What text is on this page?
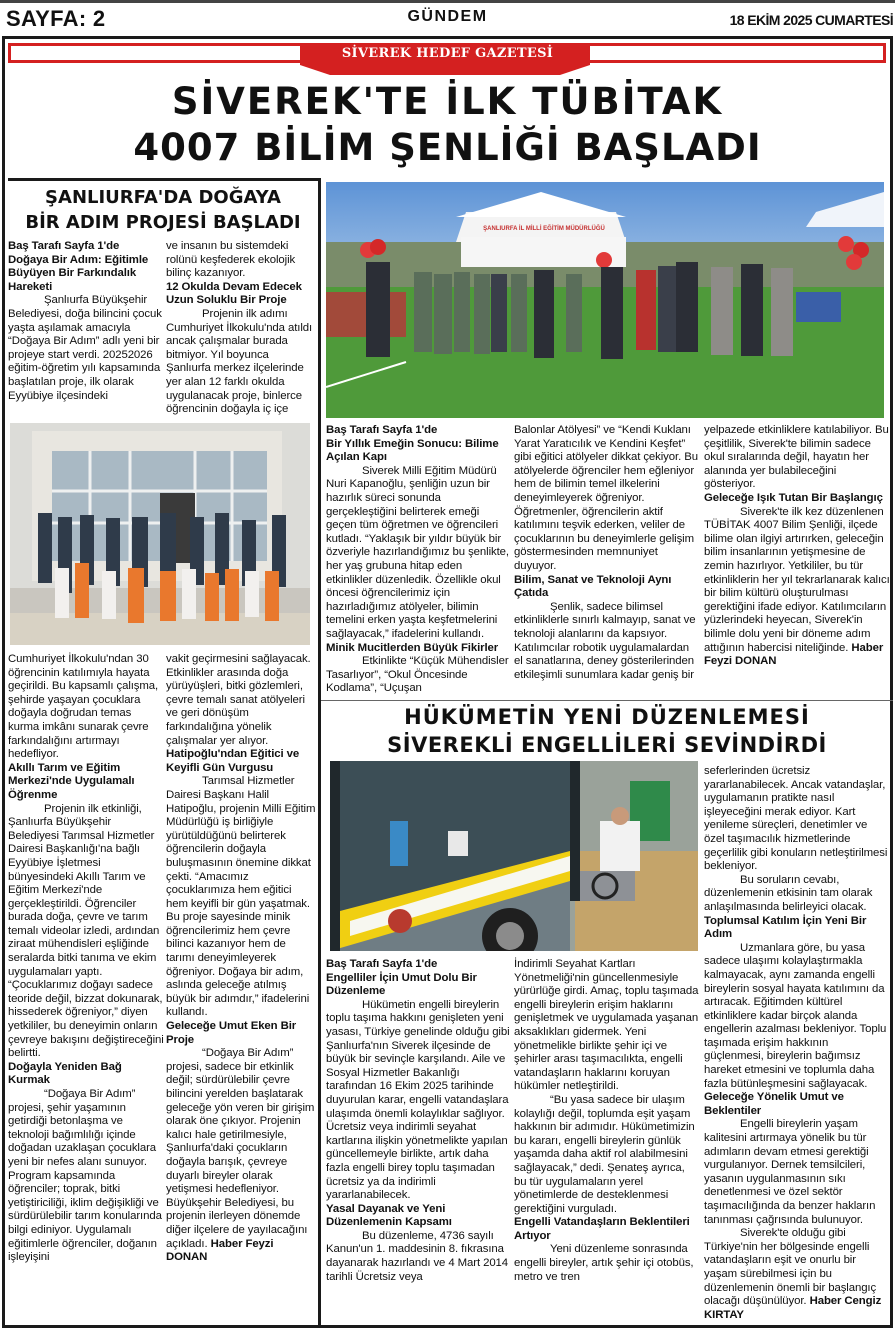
SAYFA: 2	GÜNDEM	18 EKİM 2025 CUMARTESİ
SİVEREK HEDEF GAZETESİ
SİVEREK'TE İLK TÜBİTAK
4007 BİLİM ŞENLİĞİ BAŞLADI
ŞANLIURFA'DA DOĞAYA
BİR ADIM PROJESİ BAŞLADI

Baş Tarafı Sayfa 1'de

Doğaya Bir Adım: Eğitimle Büyüyen Bir Farkındalık Hareketi

Şanlıurfa Büyükşehir Belediyesi, doğa bilincini çocuk yaşta aşılamak amacıyla “Doğaya Bir Adım” adlı yeni bir projeye start verdi. 20252026 eğitim-öğretim yılı kapsamında başlatılan proje, ilk olarak Eyyübiye ilçesindeki

ve insanın bu sistemdeki rolünü keşfederek ekolojik bilinç kazanıyor.

12 Okulda Devam Edecek Uzun Soluklu Bir Proje

Projenin ilk adımı Cumhuriyet İlkokulu'nda atıldı ancak çalışmalar burada bitmiyor. Yıl boyunca Şanlıurfa merkez ilçelerinde yer alan 12 farklı okulda uygulanacak proje, binlerce öğrencinin doğayla iç içe

Cumhuriyet İlkokulu'ndan 30 öğrencinin katılımıyla hayata geçirildi. Bu kapsamlı çalışma, şehirde yaşayan çocuklara doğayla doğrudan temas kurma imkânı sunarak çevre farkındalığını artırmayı hedefliyor.

Akıllı Tarım ve Eğitim Merkezi'nde Uygulamalı Öğrenme

Projenin ilk etkinliği, Şanlıurfa Büyükşehir Belediyesi Tarımsal Hizmetler Dairesi Başkanlığı'na bağlı Eyyübiye İşletmesi bünyesindeki Akıllı Tarım ve Eğitim Merkezi'nde gerçekleştirildi. Öğrenciler burada doğa, çevre ve tarım temalı videolar izledi, ardından ziraat mühendisleri eşliğinde seralarda bitki tanıma ve ekim uygulamaları yaptı. “Çocuklarımız doğayı sadece teoride değil, bizzat dokunarak, hissederek öğreniyor,” diyen yetkililer, bu deneyimin onların çevreye bakışını değiştireceğini belirtti.

Doğayla Yeniden Bağ Kurmak

“Doğaya Bir Adım” projesi, şehir yaşamının getirdiği betonlaşma ve teknoloji bağımlılığı içinde doğadan uzaklaşan çocuklara yeni bir nefes alanı sunuyor. Program kapsamında öğrenciler; toprak, bitki yetiştiriciliği, iklim değişikliği ve sürdürülebilir tarım konularında bilgi ediniyor. Uygulamalı eğitimlerle öğrenciler, doğanın işleyişini

vakit geçirmesini sağlayacak. Etkinlikler arasında doğa yürüyüşleri, bitki gözlemleri, çevre temalı sanat atölyeleri ve geri dönüşüm farkındalığına yönelik çalışmalar yer alıyor.

Hatipoğlu'ndan Eğitici ve Keyifli Gün Vurgusu

Tarımsal Hizmetler Dairesi Başkanı Halil Hatipoğlu, projenin Milli Eğitim Müdürlüğü iş birliğiyle yürütüldüğünü belirterek öğrencilerin doğayla buluşmasının önemine dikkat çekti. “Amacımız çocuklarımıza hem eğitici hem keyifli bir gün yaşatmak. Bu proje sayesinde minik öğrencilerimiz hem çevre bilinci kazanıyor hem de tarımı deneyimleyerek öğreniyor. Doğaya bir adım, aslında geleceğe atılmış büyük bir adımdır,” ifadelerini kullandı.

Geleceğe Umut Eken Bir Proje

“Doğaya Bir Adım” projesi, sadece bir etkinlik değil; sürdürülebilir çevre bilincini yerelden başlatarak geleceğe yön veren bir girişim olarak öne çıkıyor. Projenin kalıcı hale getirilmesiyle, Şanlıurfa'daki çocukların doğayla barışık, çevreye duyarlı bireyler olarak yetişmesi hedefleniyor. Büyükşehir Belediyesi, bu projenin ilerleyen dönemde diğer ilçelere de yayılacağını açıkladı. Haber Feyzi DONAN

ŞANLIURFA İL MİLLİ EĞİTİM MÜDÜRLÜĞÜ

Baş Tarafı Sayfa 1'de

Bir Yıllık Emeğin Sonucu: Bilime Açılan Kapı

Siverek Milli Eğitim Müdürü Nuri Kapanoğlu, şenliğin uzun bir hazırlık süreci sonunda gerçekleştiğini belirterek emeği geçen tüm öğretmen ve öğrencileri kutladı. “Yaklaşık bir yıldır büyük bir özveriyle hazırlandığımız bu şenlikte, her yaş grubuna hitap eden etkinlikler düzenledik. Özellikle okul öncesi öğrencilerimiz için hazırladığımız atölyeler, bilimin temelini erken yaşta keşfetmelerini sağlayacak,” ifadelerini kullandı.

Minik Mucitlerden Büyük Fikirler

Etkinlikte “Küçük Mühendisler Tasarlıyor”, “Okul Öncesinde Kodlama”, “Uçuşan

Balonlar Atölyesi” ve “Kendi Kuklanı Yarat Yaratıcılık ve Kendini Keşfet” gibi eğitici atölyeler dikkat çekiyor. Bu atölyelerde öğrenciler hem eğleniyor hem de bilimin temel ilkelerini deneyimleyerek öğreniyor. Öğretmenler, öğrencilerin aktif katılımını teşvik ederken, veliler de çocuklarının bu deneyimlerle gelişim göstermesinden memnuniyet duyuyor.

Bilim, Sanat ve Teknoloji Aynı Çatıda

Şenlik, sadece bilimsel etkinliklerle sınırlı kalmayıp, sanat ve teknoloji alanlarını da kapsıyor. Katılımcılar robotik uygulamalardan el sanatlarına, deney gösterilerinden etkileşimli sunumlara kadar geniş bir

yelpazede etkinliklere katılabiliyor. Bu çeşitlilik, Siverek'te bilimin sadece okul sıralarında değil, hayatın her alanında yer bulabileceğini gösteriyor.

Geleceğe Işık Tutan Bir Başlangıç

Siverek'te ilk kez düzenlenen TÜBİTAK 4007 Bilim Şenliği, ilçede bilime olan ilgiyi artırırken, geleceğin bilim insanlarının yetişmesine de zemin hazırlıyor. Yetkililer, bu tür etkinliklerin her yıl tekrarlanarak kalıcı bir bilim kültürü oluşturulması gerektiğini ifade ediyor. Katılımcıların yüzlerindeki heyecan, Siverek'in bilimle dolu yeni bir döneme adım attığının habercisi niteliğinde. Haber Feyzi DONAN

HÜKÜMETİN YENİ DÜZENLEMESİ
SİVEREKLİ ENGELLİLERİ SEVİNDİRDİ

Baş Tarafı Sayfa 1'de

Engelliler İçin Umut Dolu Bir Düzenleme

Hükümetin engelli bireylerin toplu taşıma hakkını genişleten yeni yasası, Türkiye genelinde olduğu gibi Şanlıurfa'nın Siverek ilçesinde de büyük bir sevinçle karşılandı. Aile ve Sosyal Hizmetler Bakanlığı tarafından 16 Ekim 2025 tarihinde duyurulan karar, engelli vatandaşlara ulaşımda önemli kolaylıklar sağlıyor. Ücretsiz veya indirimli seyahat kartlarına ilişkin yönetmelikte yapılan güncellemeyle birlikte, artık daha fazla engelli birey toplu taşımadan ücretsiz ya da indirimli yararlanabilecek.

Yasal Dayanak ve Yeni Düzenlemenin Kapsamı

Bu düzenleme, 4736 sayılı Kanun'un 1. maddesinin 8. fıkrasına dayanarak hazırlandı ve 4 Mart 2014 tarihli Ücretsiz veya

İndirimli Seyahat Kartları Yönetmeliği'nin güncellenmesiyle yürürlüğe girdi. Amaç, toplu taşımada engelli bireylerin erişim haklarını genişletmek ve uygulamada yaşanan aksaklıkları gidermek. Yeni yönetmelikle birlikte şehir içi ve şehirler arası taşımacılıkta, engelli vatandaşların haklarını koruyan hükümler netleştirildi.

“Bu yasa sadece bir ulaşım kolaylığı değil, toplumda eşit yaşam hakkının bir adımıdır. Hükümetimizin bu kararı, engelli bireylerin günlük yaşamda daha aktif rol alabilmesini sağlayacak,” dedi. Şenateş ayrıca, bu tür uygulamaların yerel yönetimlerde de desteklenmesi gerektiğini vurguladı.

Engelli Vatandaşların Beklentileri Artıyor

Yeni düzenleme sonrasında engelli bireyler, artık şehir içi otobüs, metro ve tren

seferlerinden ücretsiz yararlanabilecek. Ancak vatandaşlar, uygulamanın pratikte nasıl işleyeceğini merak ediyor. Kart yenileme süreçleri, denetimler ve özel taşımacılık hizmetlerinde geçerlilik gibi konuların netleştirilmesi bekleniyor.

Bu soruların cevabı, düzenlemenin etkisinin tam olarak anlaşılmasında belirleyici olacak.

Toplumsal Katılım İçin Yeni Bir Adım

Uzmanlara göre, bu yasa sadece ulaşımı kolaylaştırmakla kalmayacak, aynı zamanda engelli bireylerin sosyal hayata katılımını da artıracak. Eğitimden kültürel etkinliklere kadar birçok alanda engellerin azalması bekleniyor. Toplu taşımada erişim hakkının güçlenmesi, bireylerin bağımsız hareket etmesini ve toplumla daha fazla bütünleşmesini sağlayacak.

Geleceğe Yönelik Umut ve Beklentiler

Engelli bireylerin yaşam kalitesini artırmaya yönelik bu tür adımların devam etmesi gerektiği vurgulanıyor. Dernek temsilcileri, yasanın uygulanmasının sıkı denetlenmesi ve özel sektör taşımacılığında da benzer hakların tanınması çağrısında bulunuyor.

Siverek'te olduğu gibi Türkiye'nin her bölgesinde engelli vatandaşların eşit ve onurlu bir yaşam sürebilmesi için bu düzenlemenin önemli bir başlangıç olacağı düşünülüyor. Haber Cengiz KIRTAY
